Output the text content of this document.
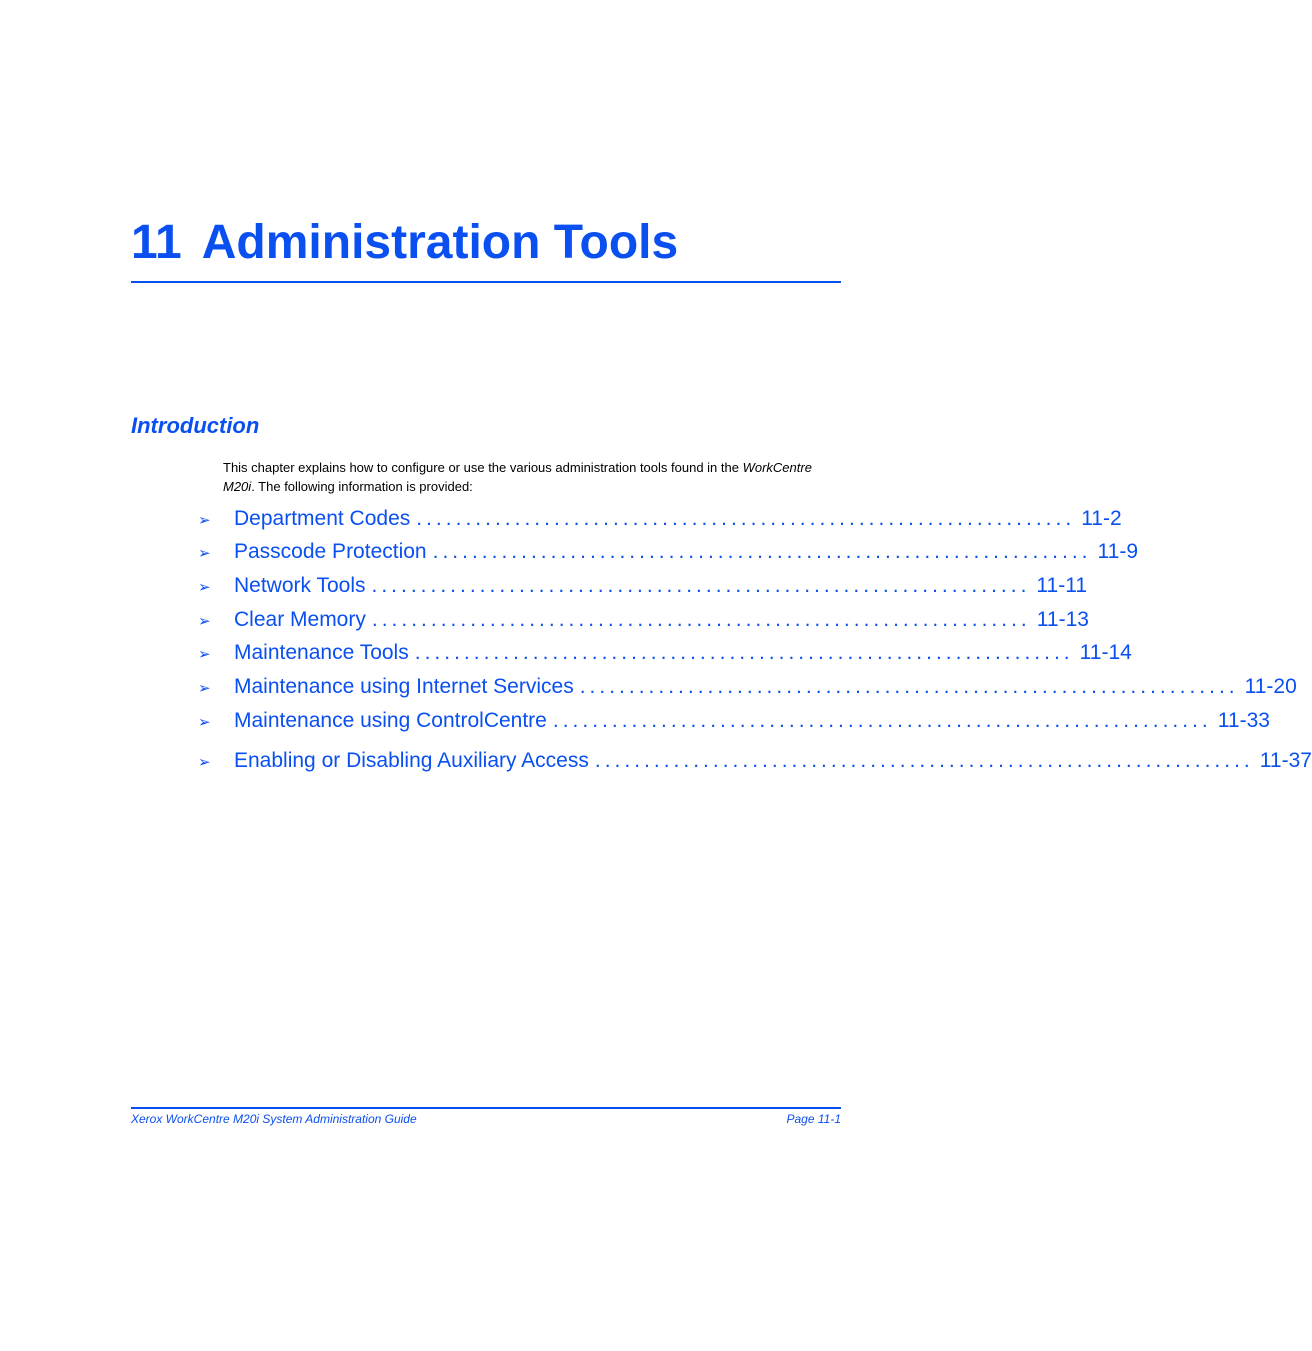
11 Administration Tools
Introduction

This chapter explains how to configure or use the various administration tools found in the WorkCentre M20i. The following information is provided:

➢	Department Codes ................................................................... 11-2
➢	Passcode Protection ................................................................... 11-9
➢	Network Tools ................................................................... 11-11
➢	Clear Memory ................................................................... 11-13
➢	Maintenance Tools ................................................................... 11-14
➢	Maintenance using Internet Services ................................................................... 11-20
➢	Maintenance using ControlCentre ................................................................... 11-33
➢	Enabling or Disabling Auxiliary Access ................................................................... 11-37
Xerox WorkCentre M20i System Administration Guide	Page 11-1
